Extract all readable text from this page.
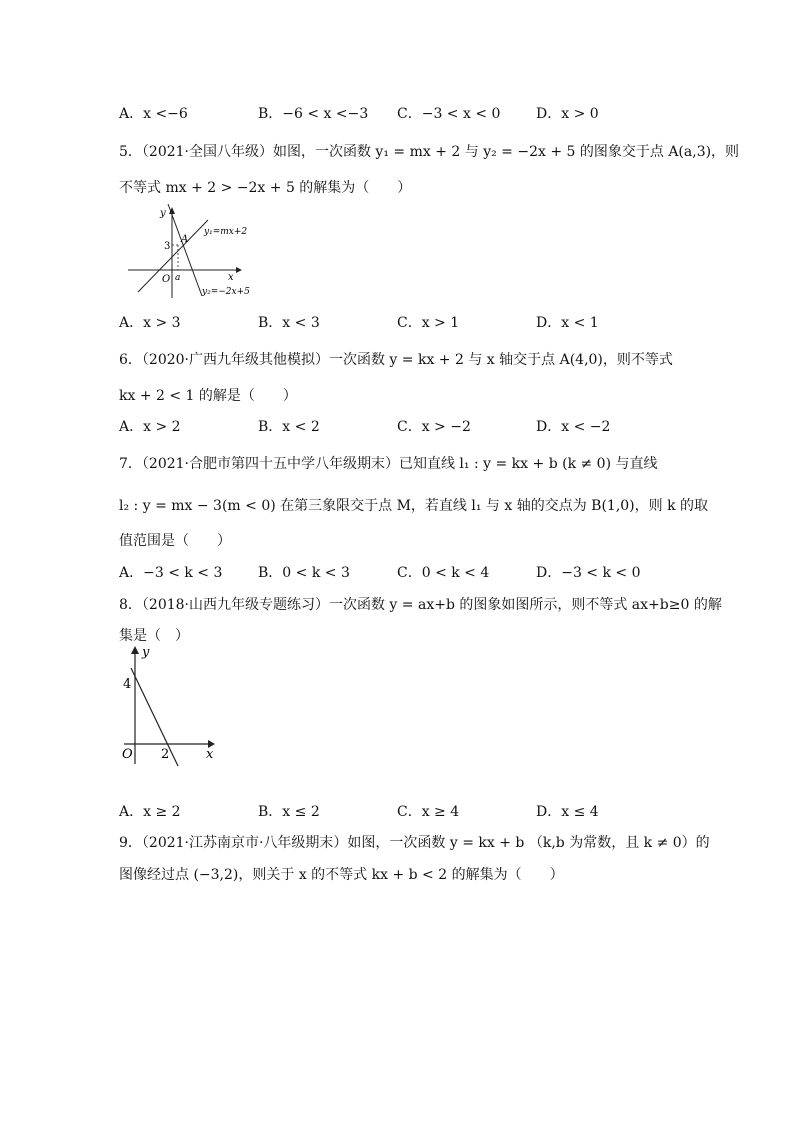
A．x <−6	B．−6 < x <−3 C．−3 < x < 0	D．x > 0
5．（2021·全国八年级）如图，一次函数 y₁ = mx + 2 与 y₂ = −2x + 5 的图象交于点 A(a,3)，则
不等式 mx + 2 > −2x + 5 的解集为（　　）
y
x
O
3
A
a
y₁=mx+2
y₂=−2x+5
A．x > 3	B．x < 3	C．x > 1	D．x < 1
6．（2020·广西九年级其他模拟）一次函数 y = kx + 2 与 x 轴交于点 A(4,0)，则不等式
kx + 2 < 1 的解是（　　）
A．x > 2	B．x < 2	C．x > −2	D．x < −2
7．（2021·合肥市第四十五中学八年级期末）已知直线 l₁ : y = kx + b (k ≠ 0) 与直线
l₂ : y = mx − 3(m < 0) 在第三象限交于点 M，若直线 l₁ 与 x 轴的交点为 B(1,0)，则 k 的取
值范围是（　　）
A．−3 < k < 3	B．0 < k < 3	C．0 < k < 4	D．−3 < k < 0
8．（2018·山西九年级专题练习）一次函数 y = ax+b 的图象如图所示，则不等式 ax+b≥0 的解
集是（　）
y
x
O
4
2
A．x ≥ 2	B．x ≤ 2	C．x ≥ 4	D．x ≤ 4
9．（2021·江苏南京市·八年级期末）如图，一次函数 y = kx + b （k,b 为常数，且 k ≠ 0）的
图像经过点 (−3,2)，则关于 x 的不等式 kx + b < 2 的解集为（　　）
